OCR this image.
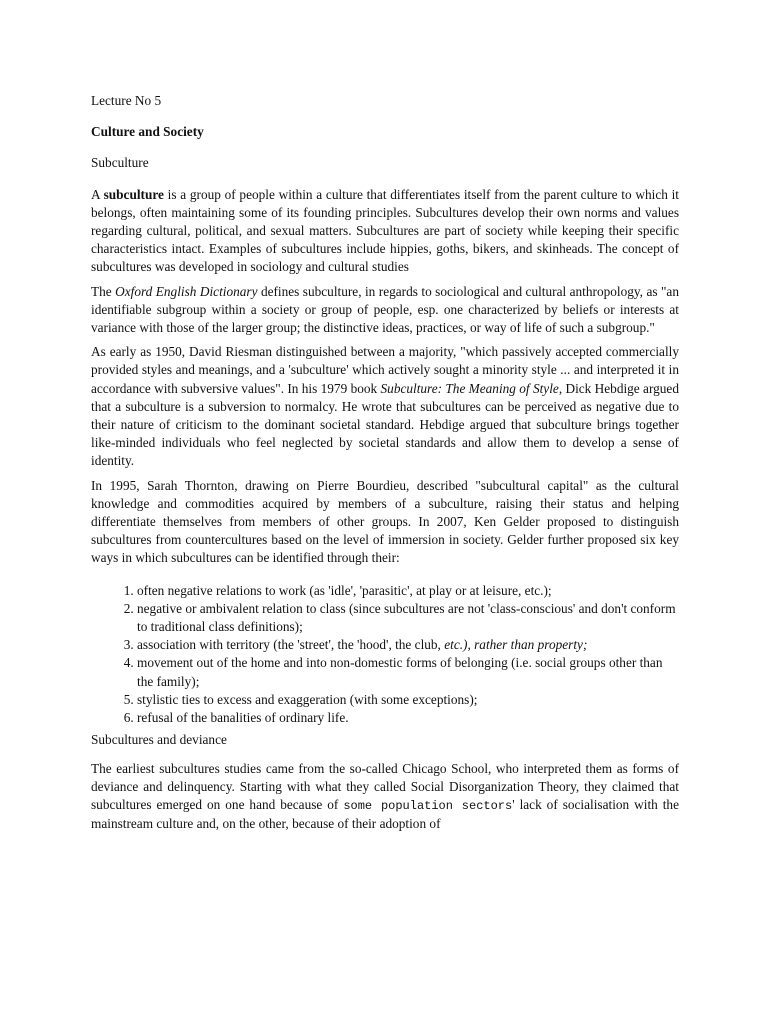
Lecture No 5

Culture and Society

Subculture

A subculture is a group of people within a culture that differentiates itself from the parent culture to which it belongs, often maintaining some of its founding principles. Subcultures develop their own norms and values regarding cultural, political, and sexual matters. Subcultures are part of society while keeping their specific characteristics intact. Examples of subcultures include hippies, goths, bikers, and skinheads. The concept of subcultures was developed in sociology and cultural studies

The Oxford English Dictionary defines subculture, in regards to sociological and cultural anthropology, as "an identifiable subgroup within a society or group of people, esp. one characterized by beliefs or interests at variance with those of the larger group; the distinctive ideas, practices, or way of life of such a subgroup."

As early as 1950, David Riesman distinguished between a majority, "which passively accepted commercially provided styles and meanings, and a 'subculture' which actively sought a minority style ... and interpreted it in accordance with subversive values". In his 1979 book Subculture: The Meaning of Style, Dick Hebdige argued that a subculture is a subversion to normalcy. He wrote that subcultures can be perceived as negative due to their nature of criticism to the dominant societal standard. Hebdige argued that subculture brings together like-minded individuals who feel neglected by societal standards and allow them to develop a sense of identity.

In 1995, Sarah Thornton, drawing on Pierre Bourdieu, described "subcultural capital" as the cultural knowledge and commodities acquired by members of a subculture, raising their status and helping differentiate themselves from members of other groups. In 2007, Ken Gelder proposed to distinguish subcultures from countercultures based on the level of immersion in society. Gelder further proposed six key ways in which subcultures can be identified through their:

1. often negative relations to work (as 'idle', 'parasitic', at play or at leisure, etc.);
2. negative or ambivalent relation to class (since subcultures are not 'class-conscious' and don't conform to traditional class definitions);
3. association with territory (the 'street', the 'hood', the club, etc.), rather than property;
4. movement out of the home and into non-domestic forms of belonging (i.e. social groups other than the family);
5. stylistic ties to excess and exaggeration (with some exceptions);
6. refusal of the banalities of ordinary life.

Subcultures and deviance

The earliest subcultures studies came from the so-called Chicago School, who interpreted them as forms of deviance and delinquency. Starting with what they called Social Disorganization Theory, they claimed that subcultures emerged on one hand because of some population sectors' lack of socialisation with the mainstream culture and, on the other, because of their adoption of
